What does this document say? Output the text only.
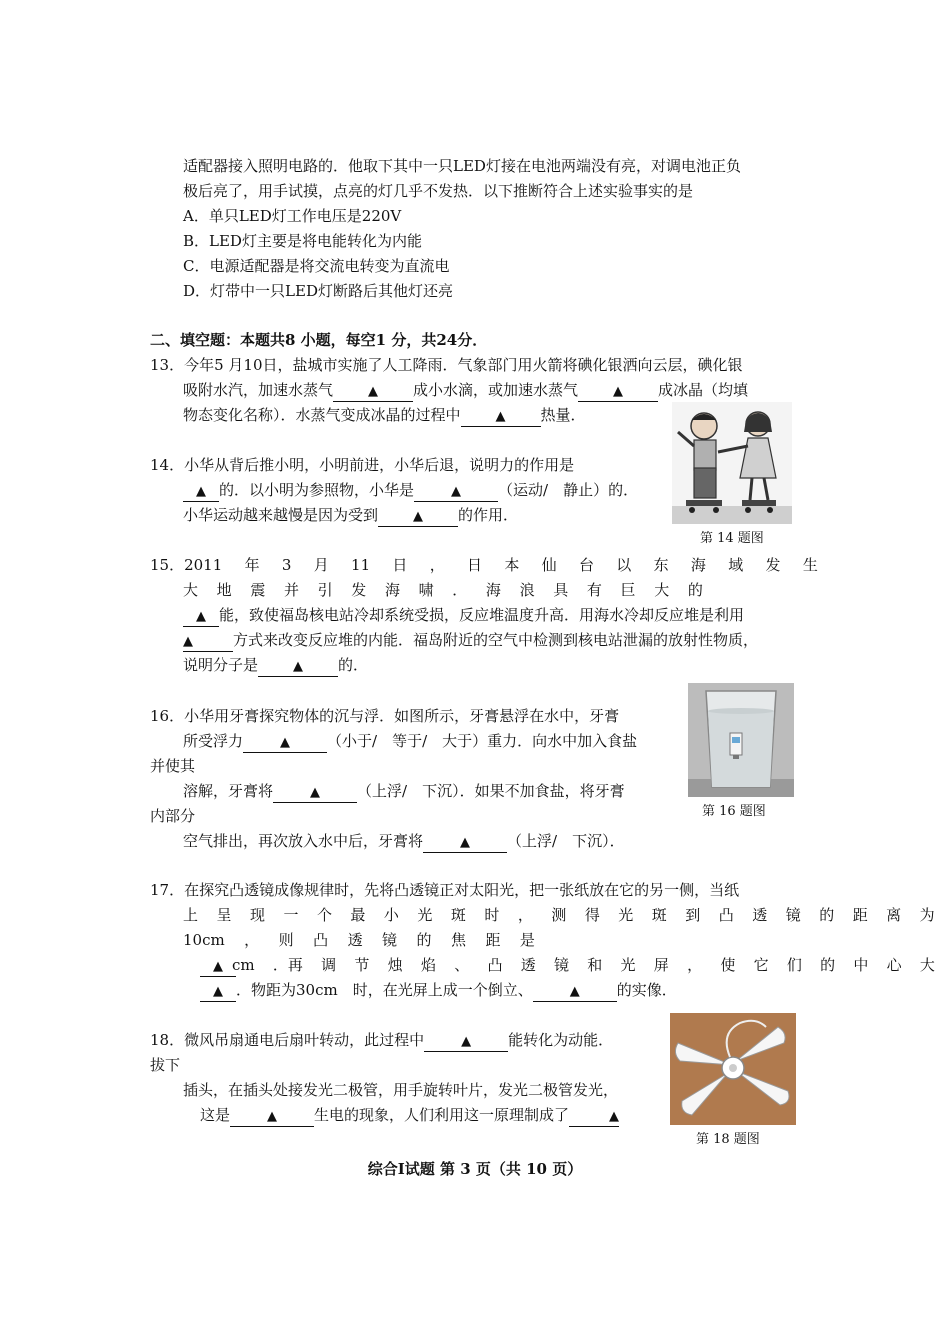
适配器接入照明电路的．他取下其中一只LED灯接在电池两端没有亮，对调电池正负
极后亮了，用手试摸，点亮的灯几乎不发热．以下推断符合上述实验事实的是
A．单只LED灯工作电压是220V
B．LED灯主要是将电能转化为内能
C．电源适配器是将交流电转变为直流电
D．灯带中一只LED灯断路后其他灯还亮
二、填空题：本题共8 小题，每空1 分，共24分．
13．今年5 月10日，盐城市实施了人工降雨．气象部门用火箭将碘化银洒向云层，碘化银
吸附水汽，加速水蒸气	▲ 成小水滴，或加速水蒸气	▲ 成冰晶（均填
物态变化名称）．水蒸气变成冰晶的过程中	▲ 热量．
第 14 题图
14．小华从背后推小明，小明前进，小华后退，说明力的作用是
▲ 的．以小明为参照物，小华是	▲ （运动/　静止）的．
小华运动越来越慢是因为受到	▲ 的作用．
15．2011 年 3 月 11 日 ， 日 本 仙 台 以 东 海 域 发 生
大 地 震 并 引 发 海 啸 ． 海 浪 具 有 巨 大 的
▲ 能，致使福岛核电站冷却系统受损，反应堆温度升高．用海水冷却反应堆是利用
▲	方式来改变反应堆的内能．福岛附近的空气中检测到核电站泄漏的放射性物质，
说明分子是	▲ 的．
第 16 题图
16．小华用牙膏探究物体的沉与浮．如图所示，牙膏悬浮在水中，牙膏
所受浮力	▲ （小于/　等于/　大于）重力．向水中加入食盐
并使其
溶解，牙膏将	▲ （上浮/　下沉）．如果不加食盐，将牙膏
内部分
空气排出，再次放入水中后，牙膏将	▲ （上浮/　下沉）．
17．在探究凸透镜成像规律时，先将凸透镜正对太阳光，把一张纸放在它的另一侧，当纸
上 呈 现 一 个 最 小 光 斑 时 ， 测 得 光 斑 到 凸 透 镜 的 距 离 为
10cm ， 则 凸 透 镜 的 焦 距 是
▲ cm ．再 调 节 烛 焰 、 凸 透 镜 和 光 屏 ， 使 它 们 的 中 心 大
▲ ．物距为30cm　时，在光屏上成一个倒立、	▲ 的实像．
第 18 题图
18．微风吊扇通电后扇叶转动，此过程中	▲ 能转化为动能．
拔下
插头，在插头处接发光二极管，用手旋转叶片，发光二极管发光，
这是	▲ 生电的现象，人们利用这一原理制成了	▲
综合Ⅰ试题 第 3 页（共 10 页）
